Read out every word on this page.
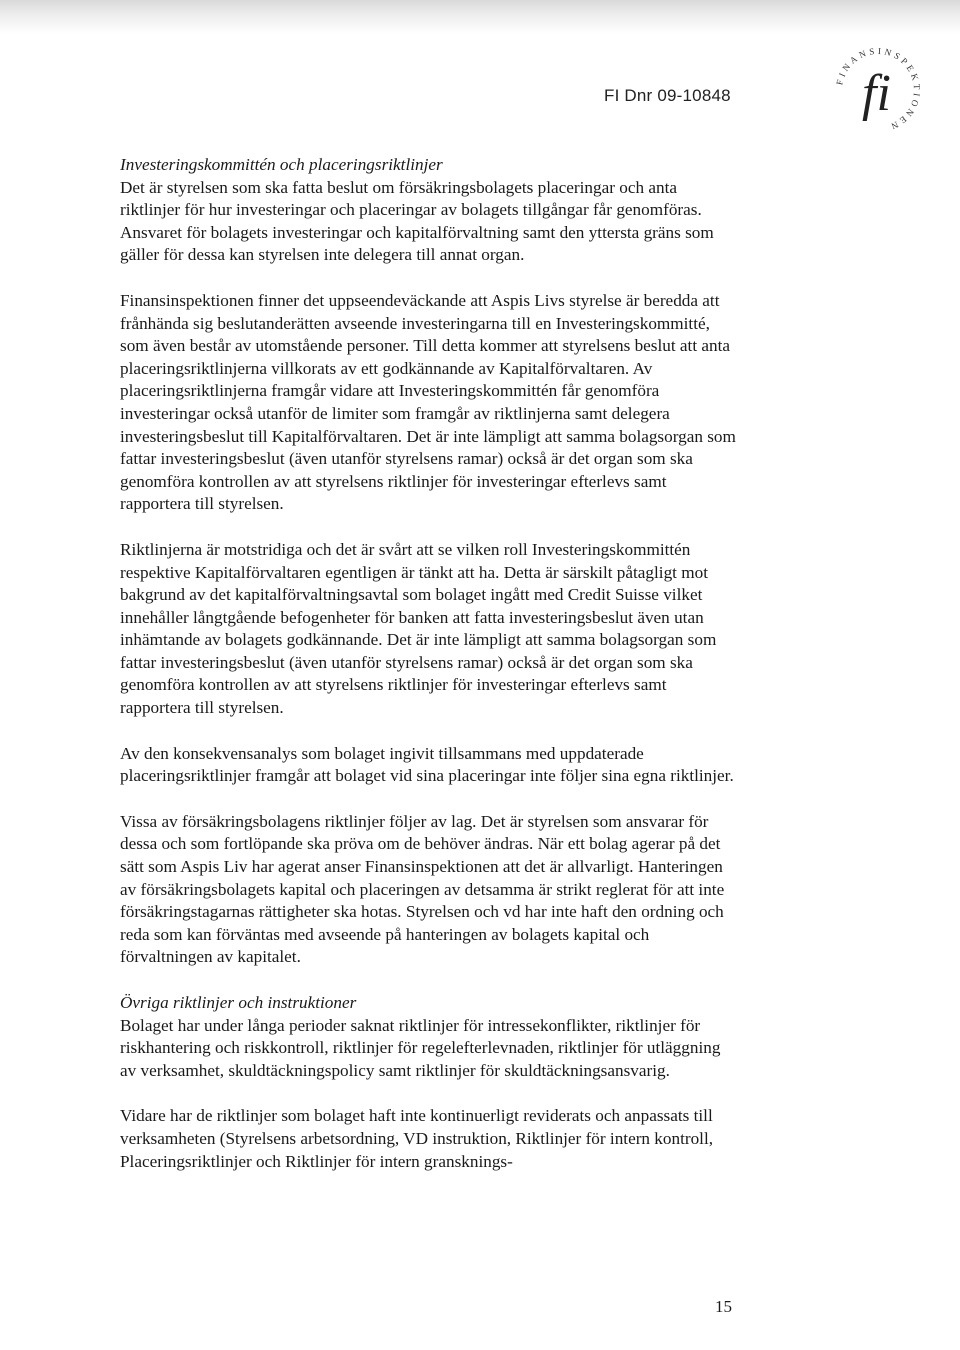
FI Dnr 09-10848
FINANSINSPEKTIONEN
fi

Investeringskommittén och placeringsriktlinjer
Det är styrelsen som ska fatta beslut om försäkringsbolagets placeringar och anta riktlinjer för hur investeringar och placeringar av bolagets tillgångar får genomföras. Ansvaret för bolagets investeringar och kapitalförvaltning samt den yttersta gräns som gäller för dessa kan styrelsen inte delegera till annat organ.

Finansinspektionen finner det uppseendeväckande att Aspis Livs styrelse är beredda att frånhända sig beslutanderätten avseende investeringarna till en Investeringskommitté, som även består av utomstående personer. Till detta kommer att styrelsens beslut att anta placeringsriktlinjerna villkorats av ett godkännande av Kapitalförvaltaren. Av placeringsriktlinjerna framgår vidare att Investeringskommittén får genomföra investeringar också utanför de limiter som framgår av riktlinjerna samt delegera investeringsbeslut till Kapitalförvaltaren. Det är inte lämpligt att samma bolagsorgan som fattar investeringsbeslut (även utanför styrelsens ramar) också är det organ som ska genomföra kontrollen av att styrelsens riktlinjer för investeringar efterlevs samt rapportera till styrelsen.

Riktlinjerna är motstridiga och det är svårt att se vilken roll Investeringskommittén respektive Kapitalförvaltaren egentligen är tänkt att ha. Detta är särskilt påtagligt mot bakgrund av det kapitalförvaltningsavtal som bolaget ingått med Credit Suisse vilket innehåller långtgående befogenheter för banken att fatta investeringsbeslut även utan inhämtande av bolagets godkännande. Det är inte lämpligt att samma bolagsorgan som fattar investeringsbeslut (även utanför styrelsens ramar) också är det organ som ska genomföra kontrollen av att styrelsens riktlinjer för investeringar efterlevs samt rapportera till styrelsen.

Av den konsekvensanalys som bolaget ingivit tillsammans med uppdaterade placeringsriktlinjer framgår att bolaget vid sina placeringar inte följer sina egna riktlinjer.

Vissa av försäkringsbolagens riktlinjer följer av lag. Det är styrelsen som ansvarar för dessa och som fortlöpande ska pröva om de behöver ändras. När ett bolag agerar på det sätt som Aspis Liv har agerat anser Finansinspektionen att det är allvarligt. Hanteringen av försäkringsbolagets kapital och placeringen av detsamma är strikt reglerat för att inte försäkringstagarnas rättigheter ska hotas. Styrelsen och vd har inte haft den ordning och reda som kan förväntas med avseende på hanteringen av bolagets kapital och förvaltningen av kapitalet.

Övriga riktlinjer och instruktioner
Bolaget har under långa perioder saknat riktlinjer för intressekonflikter, riktlinjer för riskhantering och riskkontroll, riktlinjer för regelefterlevnaden, riktlinjer för utläggning av verksamhet, skuldtäckningspolicy samt riktlinjer för skuldtäckningsansvarig.

Vidare har de riktlinjer som bolaget haft inte kontinuerligt reviderats och anpassats till verksamheten (Styrelsens arbetsordning, VD instruktion, Riktlinjer för intern kontroll, Placeringsriktlinjer och Riktlinjer för intern gransknings-

15
